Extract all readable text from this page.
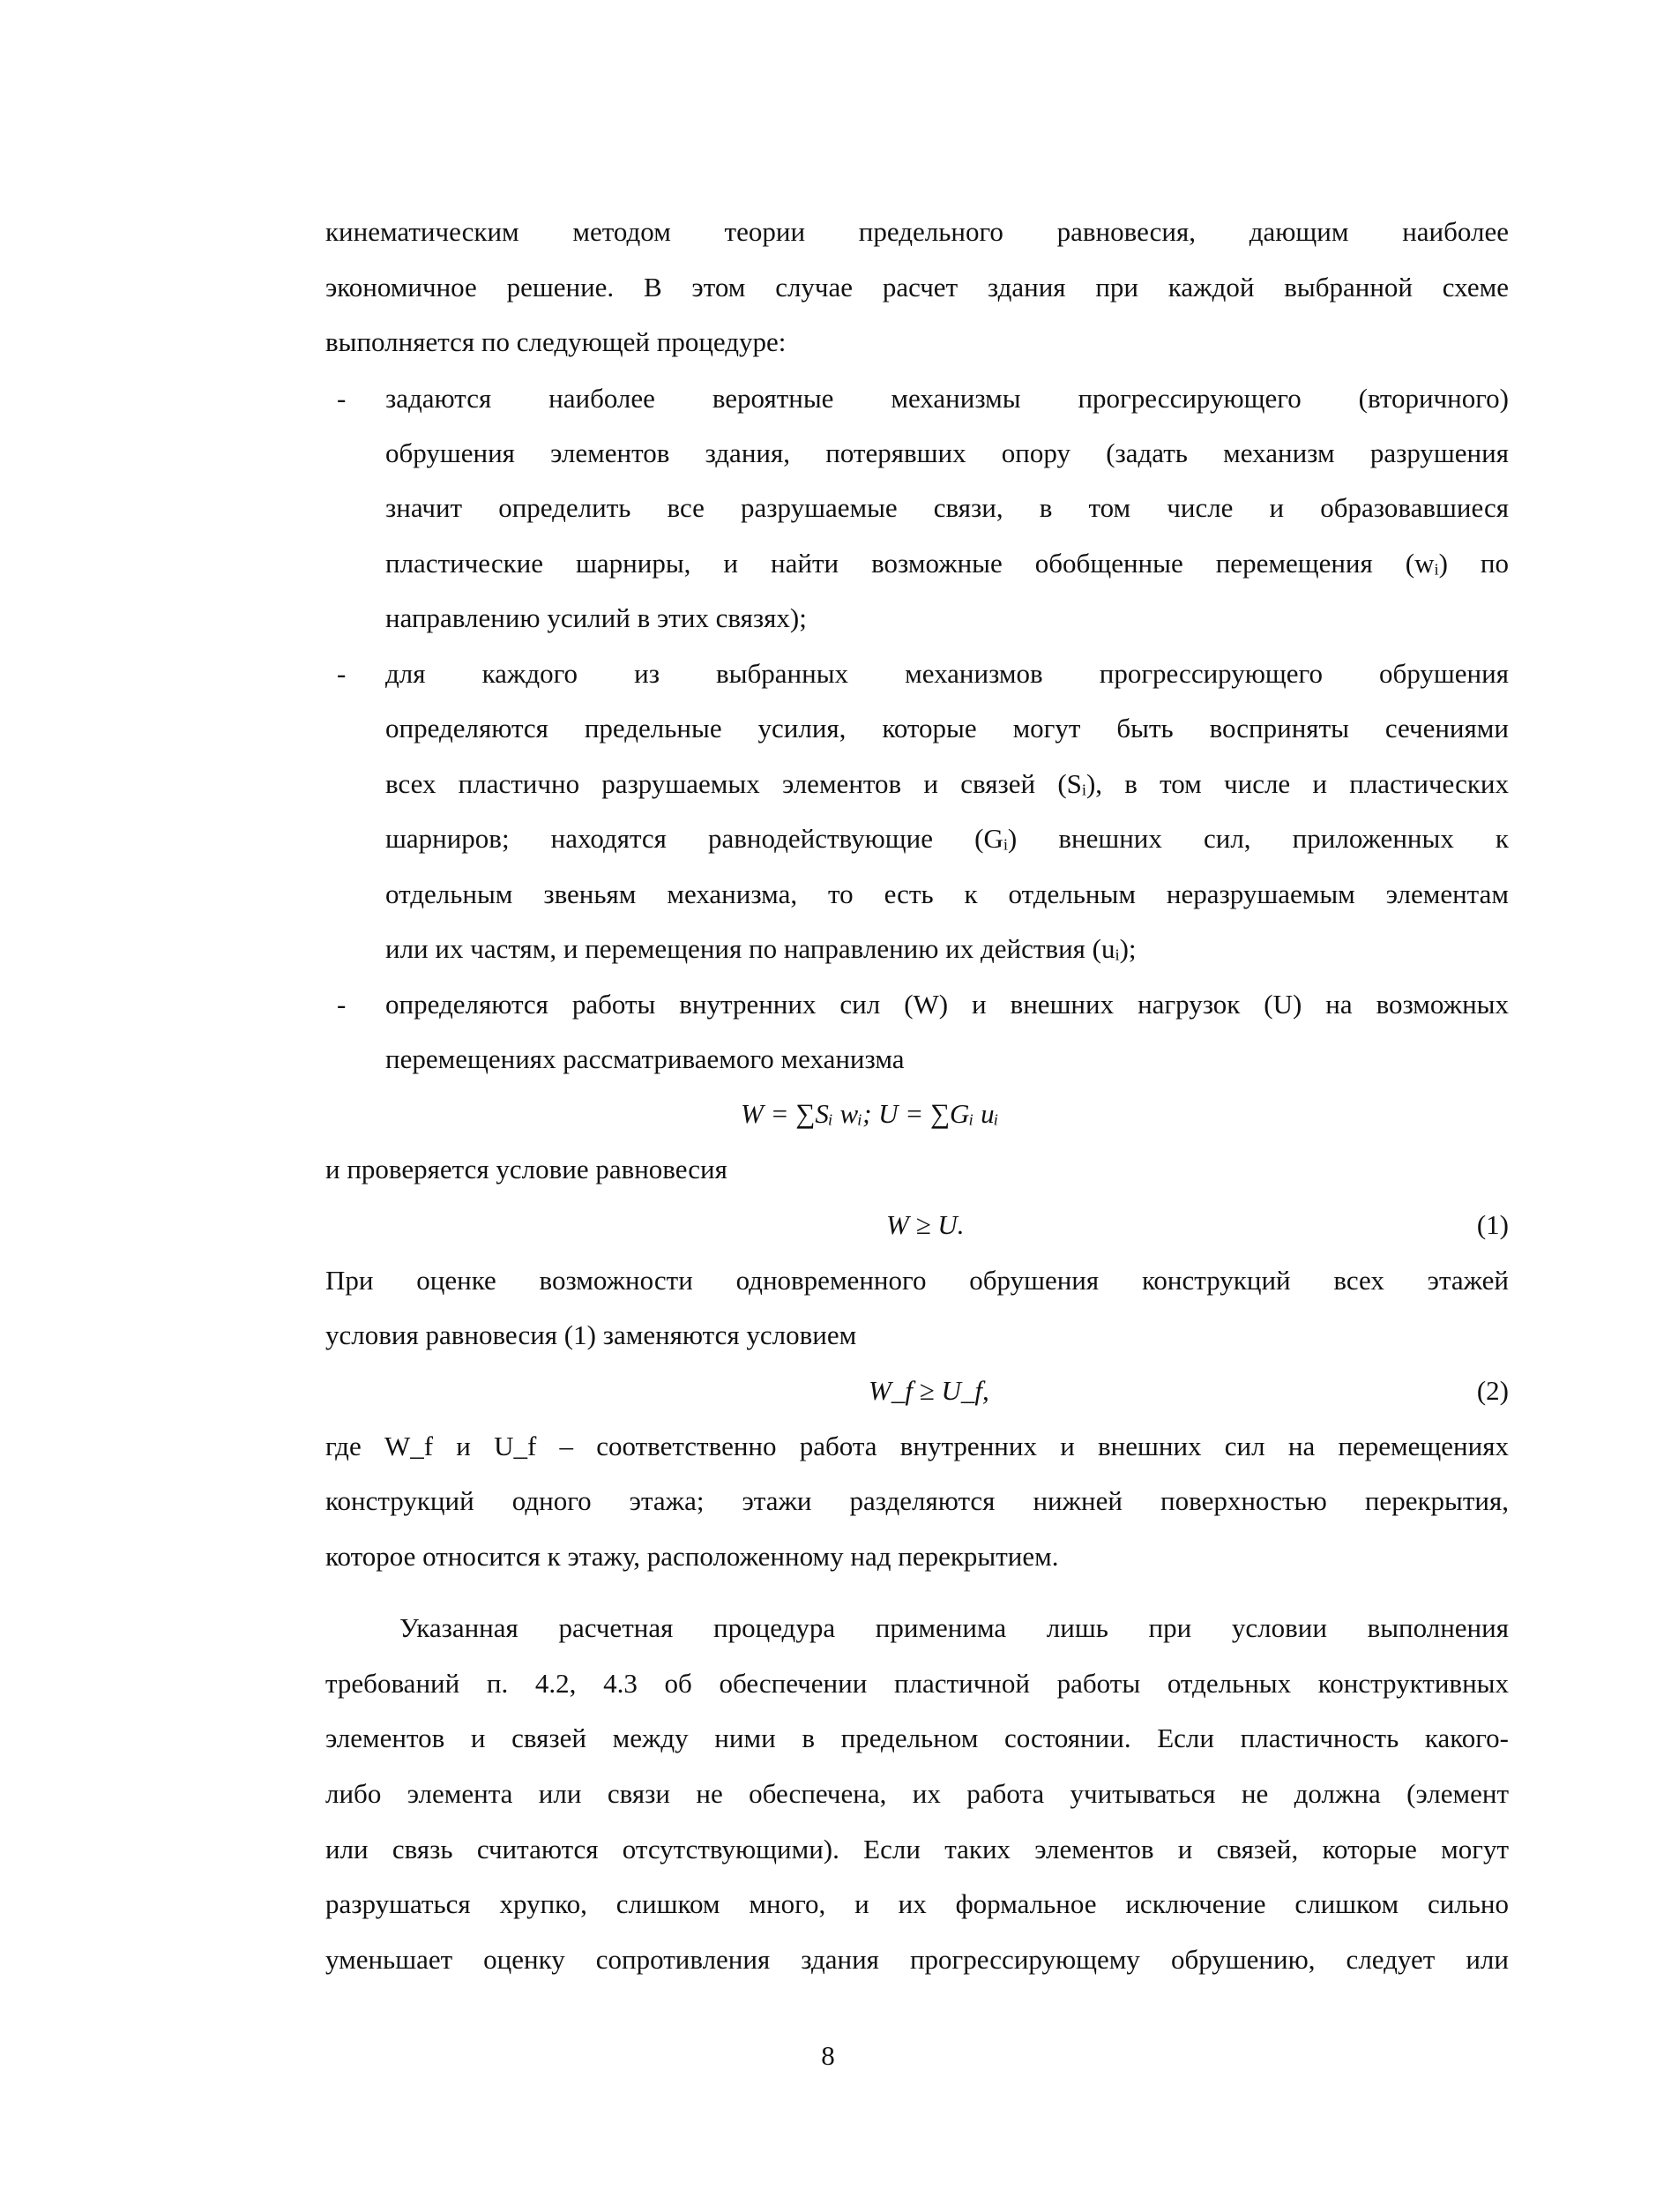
кинематическим методом теории предельного равновесия, дающим наиболее
экономичное решение. В этом случае расчет здания при каждой выбранной схеме
выполняется по следующей процедуре:
-	задаются наиболее вероятные механизмы прогрессирующего (вторичного)
обрушения элементов здания, потерявших опору (задать механизм разрушения
значит определить все разрушаемые связи, в том числе и образовавшиеся
пластические шарниры, и найти возможные обобщенные перемещения (wᵢ) по
направлению усилий в этих связях);
-	для каждого из выбранных механизмов прогрессирующего обрушения
определяются предельные усилия, которые могут быть восприняты сечениями
всех пластично разрушаемых элементов и связей (Sᵢ), в том числе и пластических
шарниров; находятся равнодействующие (Gᵢ) внешних сил, приложенных к
отдельным звеньям механизма, то есть к отдельным неразрушаемым элементам
или их частям, и перемещения по направлению их действия (uᵢ);
-	определяются работы внутренних сил (W) и внешних нагрузок (U) на возможных
перемещениях рассматриваемого механизма
W = ∑Sᵢ wᵢ; U = ∑Gᵢ uᵢ
и проверяется условие равновесия
W ≥ U.	(1)
При оценке возможности одновременного обрушения конструкций всех этажей
условия равновесия (1) заменяются условием
W_f ≥ U_f,	(2)
где W_f и U_f – соответственно работа внутренних и внешних сил на перемещениях
конструкций одного этажа; этажи разделяются нижней поверхностью перекрытия,
которое относится к этажу, расположенному над перекрытием.
Указанная расчетная процедура применима лишь при условии выполнения
требований п. 4.2, 4.3 об обеспечении пластичной работы отдельных конструктивных
элементов и связей между ними в предельном состоянии. Если пластичность какого-
либо элемента или связи не обеспечена, их работа учитываться не должна (элемент
или связь считаются отсутствующими). Если таких элементов и связей, которые могут
разрушаться хрупко, слишком много, и их формальное исключение слишком сильно
уменьшает оценку сопротивления здания прогрессирующему обрушению, следует или
8
